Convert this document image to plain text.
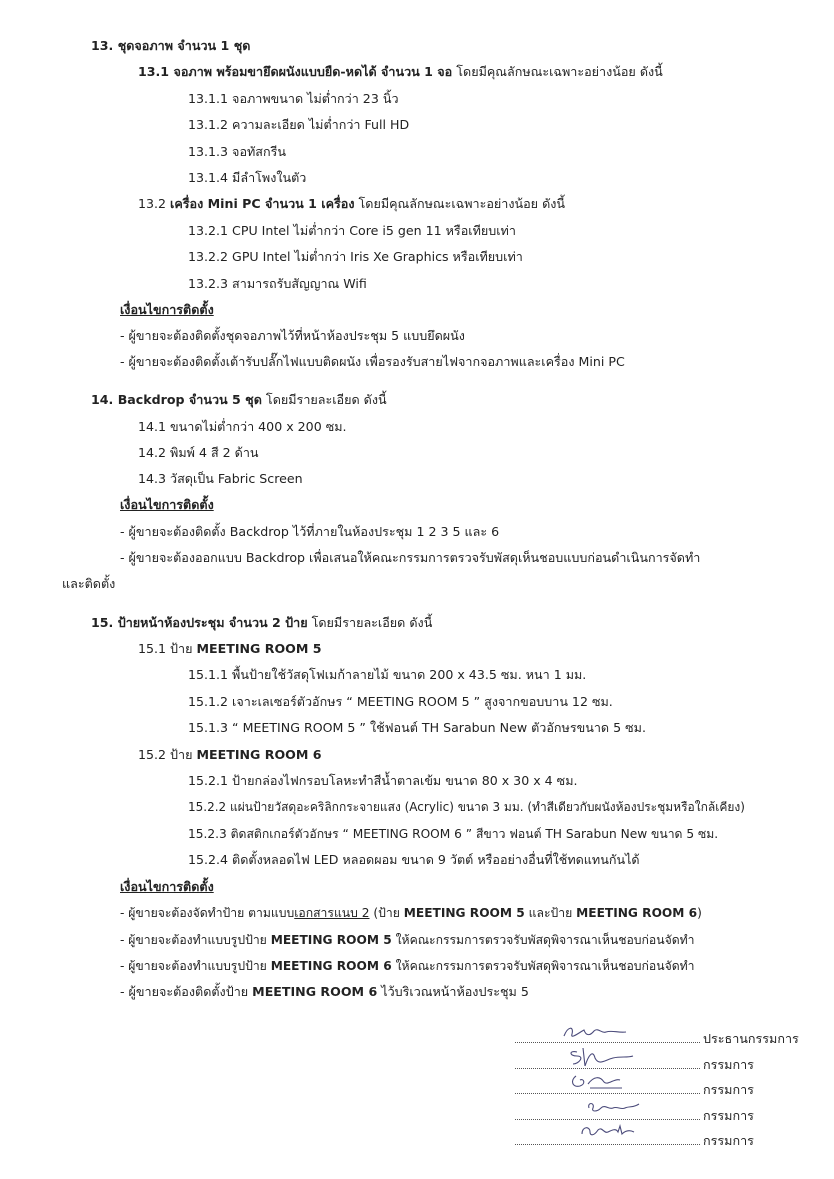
13. ชุดจอภาพ จำนวน 1 ชุด
13.1 จอภาพ พร้อมขายึดผนังแบบยืด-หดได้ จำนวน 1 จอ โดยมีคุณลักษณะเฉพาะอย่างน้อย ดังนี้
13.1.1 จอภาพขนาด ไม่ต่ำกว่า 23 นิ้ว
13.1.2 ความละเอียด ไม่ต่ำกว่า Full HD
13.1.3 จอทัสกรีน
13.1.4 มีลำโพงในตัว
13.2 เครื่อง Mini PC จำนวน 1 เครื่อง โดยมีคุณลักษณะเฉพาะอย่างน้อย ดังนี้
13.2.1 CPU Intel ไม่ต่ำกว่า Core i5 gen 11 หรือเทียบเท่า
13.2.2 GPU Intel ไม่ต่ำกว่า Iris Xe Graphics หรือเทียบเท่า
13.2.3 สามารถรับสัญญาณ Wifi
เงื่อนไขการติดตั้ง
- ผู้ขายจะต้องติดตั้งชุดจอภาพไว้ที่หน้าห้องประชุม 5 แบบยึดผนัง
- ผู้ขายจะต้องติดตั้งเต้ารับปลั๊กไฟแบบติดผนัง เพื่อรองรับสายไฟจากจอภาพและเครื่อง Mini PC
14. Backdrop จำนวน 5 ชุด โดยมีรายละเอียด ดังนี้
14.1 ขนาดไม่ต่ำกว่า 400 x 200 ซม.
14.2 พิมพ์ 4 สี 2 ด้าน
14.3 วัสดุเป็น Fabric Screen
เงื่อนไขการติดตั้ง
- ผู้ขายจะต้องติดตั้ง Backdrop ไว้ที่ภายในห้องประชุม 1 2 3 5 และ 6
- ผู้ขายจะต้องออกแบบ Backdrop เพื่อเสนอให้คณะกรรมการตรวจรับพัสดุเห็นชอบแบบก่อนดำเนินการจัดทำ
และติดตั้ง
15. ป้ายหน้าห้องประชุม จำนวน 2 ป้าย โดยมีรายละเอียด ดังนี้
15.1 ป้าย MEETING ROOM 5
15.1.1 พื้นป้ายใช้วัสดุโฟเมก้าลายไม้ ขนาด 200 x 43.5 ซม. หนา 1 มม.
15.1.2 เจาะเลเซอร์ตัวอักษร “ MEETING ROOM 5 ” สูงจากขอบบาน 12 ซม.
15.1.3 “ MEETING ROOM 5 ” ใช้ฟอนต์ TH Sarabun New ตัวอักษรขนาด 5 ซม.
15.2 ป้าย MEETING ROOM 6
15.2.1 ป้ายกล่องไฟกรอบโลหะทำสีน้ำตาลเข้ม ขนาด 80 x 30 x 4 ซม.
15.2.2 แผ่นป้ายวัสดุอะคริลิกกระจายแสง (Acrylic) ขนาด 3 มม. (ทำสีเดียวกับผนังห้องประชุมหรือใกล้เคียง)
15.2.3 ติดสติกเกอร์ตัวอักษร “ MEETING ROOM 6 ” สีขาว ฟอนต์ TH Sarabun New ขนาด 5 ซม.
15.2.4 ติดตั้งหลอดไฟ LED หลอดผอม ขนาด 9 วัตต์ หรืออย่างอื่นที่ใช้ทดแทนกันได้
เงื่อนไขการติดตั้ง
- ผู้ขายจะต้องจัดทำป้าย ตามแบบเอกสารแนบ 2 (ป้าย MEETING ROOM 5 และป้าย MEETING ROOM 6)
- ผู้ขายจะต้องทำแบบรูปป้าย MEETING ROOM 5 ให้คณะกรรมการตรวจรับพัสดุพิจารณาเห็นชอบก่อนจัดทำ
- ผู้ขายจะต้องทำแบบรูปป้าย MEETING ROOM 6 ให้คณะกรรมการตรวจรับพัสดุพิจารณาเห็นชอบก่อนจัดทำ
- ผู้ขายจะต้องติดตั้งป้าย MEETING ROOM 6 ไว้บริเวณหน้าห้องประชุม 5
ประธานกรรมการ
กรรมการ
กรรมการ
กรรมการ
กรรมการ
